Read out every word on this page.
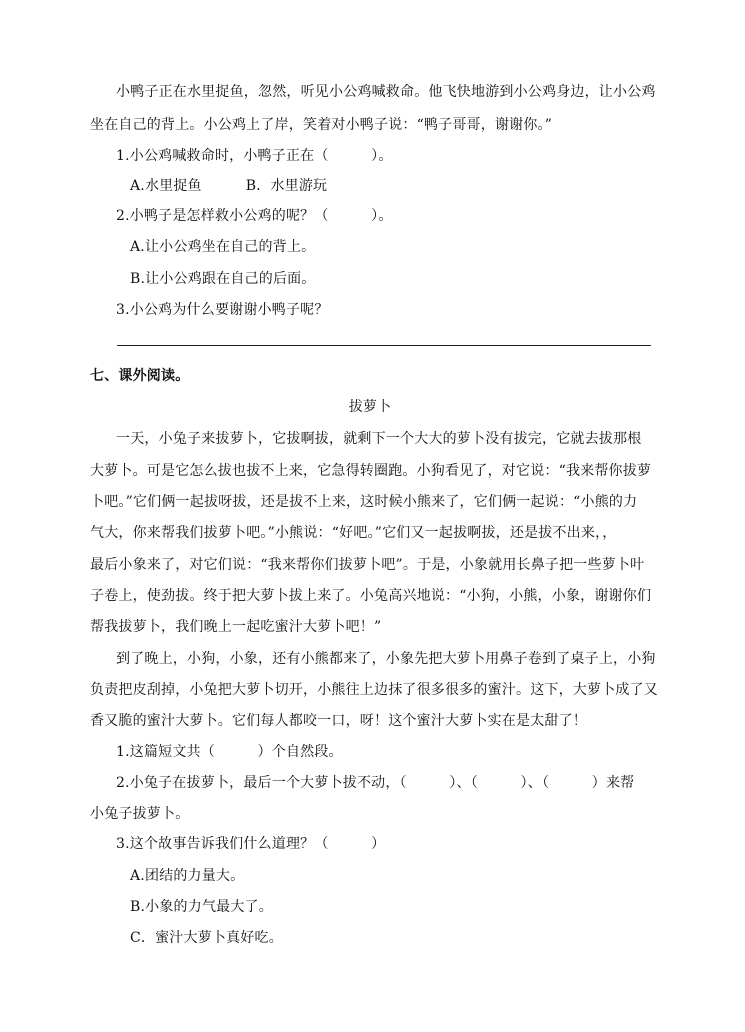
小鸭子正在水里捉鱼，忽然，听见小公鸡喊救命。他飞快地游到小公鸡身边，让小公鸡
坐在自己的背上。小公鸡上了岸，笑着对小鸭子说：“鸭子哥哥，谢谢你。”
1.小公鸡喊救命时，小鸭子正在（　　　）。
A.水里捉鱼	B．水里游玩
2.小鸭子是怎样救小公鸡的呢？（　　　）。
A.让小公鸡坐在自己的背上。
B.让小公鸡跟在自己的后面。
3.小公鸡为什么要谢谢小鸭子呢？
七、课外阅读。
拔萝卜
一天，小兔子来拔萝卜，它拔啊拔，就剩下一个大大的萝卜没有拔完，它就去拔那根
大萝卜。可是它怎么拔也拔不上来，它急得转圈跑。小狗看见了，对它说：“我来帮你拔萝
卜吧。”它们俩一起拔呀拔，还是拔不上来，这时候小熊来了，它们俩一起说：“小熊的力
气大，你来帮我们拔萝卜吧。”小熊说：“好吧。”它们又一起拔啊拔，还是拔不出来，，
最后小象来了，对它们说：“我来帮你们拔萝卜吧”。于是，小象就用长鼻子把一些萝卜叶
子卷上，使劲拔。终于把大萝卜拔上来了。小兔高兴地说：“小狗，小熊，小象，谢谢你们
帮我拔萝卜，我们晚上一起吃蜜汁大萝卜吧！”
到了晚上，小狗，小象，还有小熊都来了，小象先把大萝卜用鼻子卷到了桌子上，小狗
负责把皮刮掉，小兔把大萝卜切开，小熊往上边抹了很多很多的蜜汁。这下，大萝卜成了又
香又脆的蜜汁大萝卜。它们每人都咬一口，呀！这个蜜汁大萝卜实在是太甜了！
1.这篇短文共（　　　）个自然段。
2.小兔子在拔萝卜，最后一个大萝卜拔不动，（　　　）、（　　　）、（　　　）来帮
小兔子拔萝卜。
3.这个故事告诉我们什么道理？（　　　）
A.团结的力量大。
B.小象的力气最大了。
C．蜜汁大萝卜真好吃。
